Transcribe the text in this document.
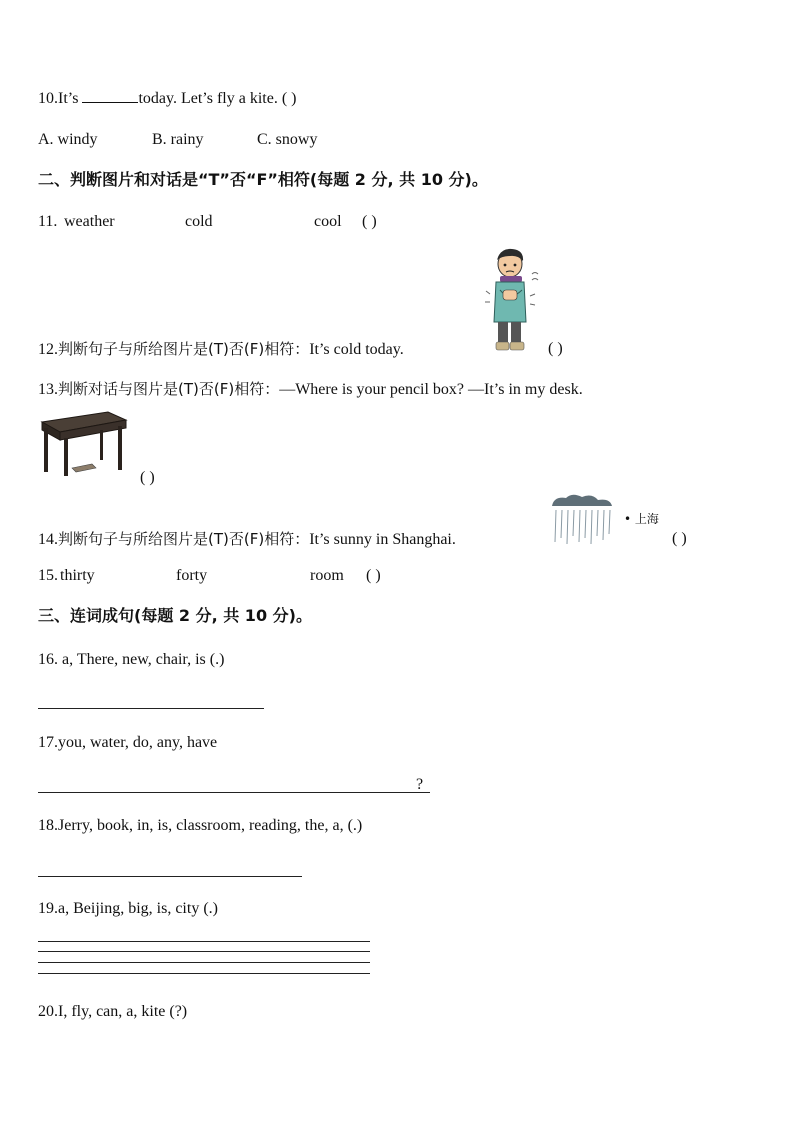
10.It’s	today. Let’s fly a kite. ( )
A. windy	B. rainy	C. snowy
二、判断图片和对话是“T”否“F”相符(每题 2 分, 共 10 分)。
11. weather	cold	cool ( )
12.判断句子与所给图片是(T)否(F)相符：It’s cold today.	( )
13.判断对话与图片是(T)否(F)相符：—Where is your pencil box? —It’s in my desk.
( )
• 上海
14.判断句子与所给图片是(T)否(F)相符：It’s sunny in Shanghai.	( )
15. thirty	forty	room ( )
三、连词成句(每题 2 分, 共 10 分)。
16. a, There, new, chair, is (.)
17.you, water, do, any, have
?
18.Jerry, book, in, is, classroom, reading, the, a, (.)
19.a, Beijing, big, is, city (.)
20.I, fly, can, a, kite (?)
